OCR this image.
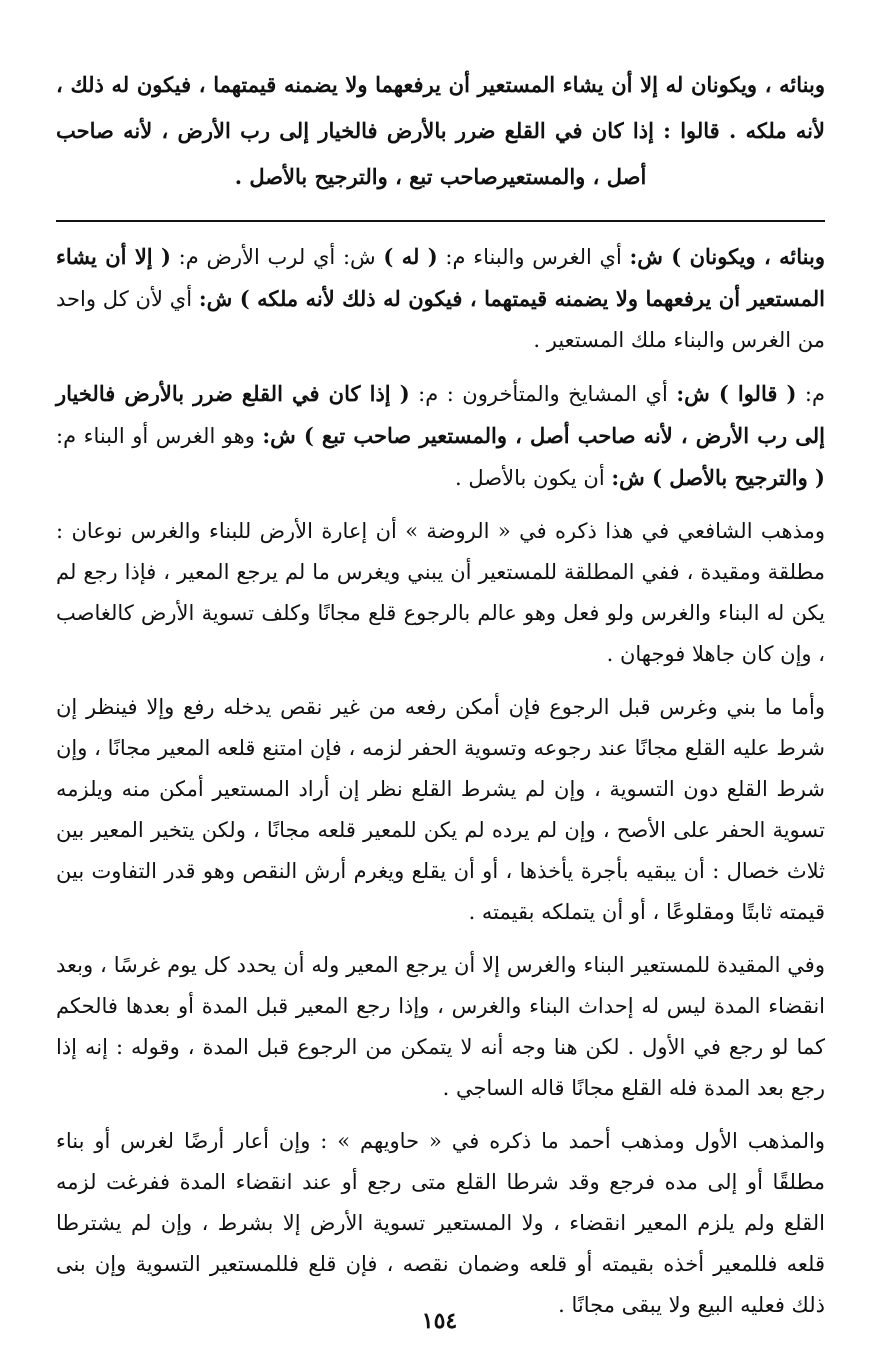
وبنائه ، ويكونان له إلا أن يشاء المستعير أن يرفعهما ولا يضمنه قيمتهما ، فيكون له ذلك ، لأنه ملكه . قالوا : إذا كان في القلع ضرر بالأرض فالخيار إلى رب الأرض ، لأنه صاحب أصل ، والمستعيرصاحب تبع ، والترجيح بالأصل .

وبنائه ، ويكونان ) ش: أي الغرس والبناء م: ( له ) ش: أي لرب الأرض م: ( إلا أن يشاء المستعير أن يرفعهما ولا يضمنه قيمتهما ، فيكون له ذلك لأنه ملكه ) ش: أي لأن كل واحد من الغرس والبناء ملك المستعير .

م: ( قالوا ) ش: أي المشايخ والمتأخرون : م: ( إذا كان في القلع ضرر بالأرض فالخيار إلى رب الأرض ، لأنه صاحب أصل ، والمستعير صاحب تبع ) ش: وهو الغرس أو البناء م: ( والترجيح بالأصل ) ش: أن يكون بالأصل .

ومذهب الشافعي في هذا ذكره في « الروضة » أن إعارة الأرض للبناء والغرس نوعان : مطلقة ومقيدة ، ففي المطلقة للمستعير أن يبني ويغرس ما لم يرجع المعير ، فإذا رجع لم يكن له البناء والغرس ولو فعل وهو عالم بالرجوع قلع مجانًا وكلف تسوية الأرض كالغاصب ، وإن كان جاهلا فوجهان .

وأما ما بني وغرس قبل الرجوع فإن أمكن رفعه من غير نقص يدخله رفع وإلا فينظر إن شرط عليه القلع مجانًا عند رجوعه وتسوية الحفر لزمه ، فإن امتنع قلعه المعير مجانًا ، وإن شرط القلع دون التسوية ، وإن لم يشرط القلع نظر إن أراد المستعير أمكن منه ويلزمه تسوية الحفر على الأصح ، وإن لم يرده لم يكن للمعير قلعه مجانًا ، ولكن يتخير المعير بين ثلاث خصال : أن يبقيه بأجرة يأخذها ، أو أن يقلع ويغرم أرش النقص وهو قدر التفاوت بين قيمته ثابتًا ومقلوعًا ، أو أن يتملكه بقيمته .

وفي المقيدة للمستعير البناء والغرس إلا أن يرجع المعير وله أن يحدد كل يوم غرسًا ، وبعد انقضاء المدة ليس له إحداث البناء والغرس ، وإذا رجع المعير قبل المدة أو بعدها فالحكم كما لو رجع في الأول . لكن هنا وجه أنه لا يتمكن من الرجوع قبل المدة ، وقوله : إنه إذا رجع بعد المدة فله القلع مجانًا قاله الساجي .

والمذهب الأول ومذهب أحمد ما ذكره في « حاويهم » : وإن أعار أرضًا لغرس أو بناء مطلقًا أو إلى مده فرجع وقد شرطا القلع متى رجع أو عند انقضاء المدة ففرغت لزمه القلع ولم يلزم المعير انقضاء ، ولا المستعير تسوية الأرض إلا بشرط ، وإن لم يشترطا قلعه فللمعير أخذه بقيمته أو قلعه وضمان نقصه ، فإن قلع فللمستعير التسوية وإن بنى ذلك فعليه البيع ولا يبقى مجانًا .

١٥٤
